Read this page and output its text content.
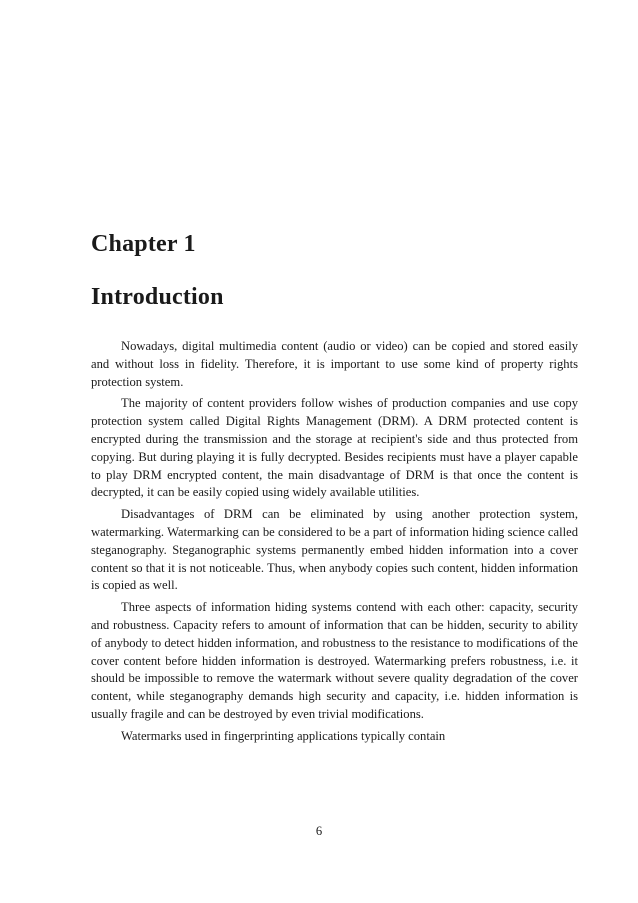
Chapter 1
Introduction

Nowadays, digital multimedia content (audio or video) can be copied and stored easily and without loss in fidelity. Therefore, it is important to use some kind of property rights protection system.

The majority of content providers follow wishes of production companies and use copy protection system called Digital Rights Management (DRM). A DRM protected content is encrypted during the transmission and the storage at recipient's side and thus protected from copying. But during playing it is fully decrypted. Besides recipients must have a player capable to play DRM encrypted content, the main disadvantage of DRM is that once the content is decrypted, it can be easily copied using widely available utilities.

Disadvantages of DRM can be eliminated by using another protection system, watermarking. Watermarking can be considered to be a part of information hiding science called steganography. Steganographic systems permanently embed hidden information into a cover content so that it is not noticeable. Thus, when anybody copies such content, hidden information is copied as well.

Three aspects of information hiding systems contend with each other: capacity, security and robustness. Capacity refers to amount of information that can be hidden, security to ability of anybody to detect hidden information, and robustness to the resistance to modifications of the cover content before hidden information is destroyed. Watermarking prefers robustness, i.e. it should be impossible to remove the watermark without severe quality degradation of the cover content, while steganography demands high security and capacity, i.e. hidden information is usually fragile and can be destroyed by even trivial modifications.

Watermarks used in fingerprinting applications typically contain

6
